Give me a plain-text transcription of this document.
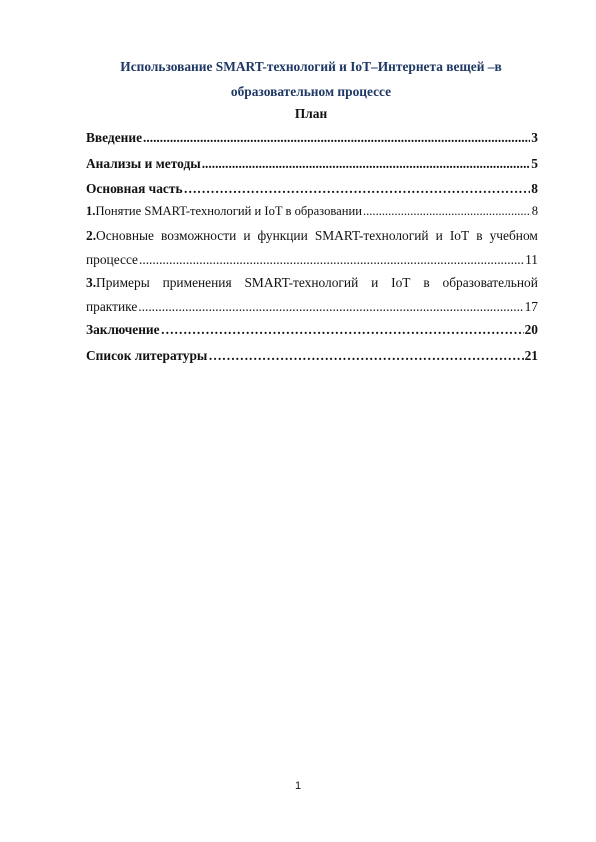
Использование SMART-технологий и IoT–Интернета вещей –в
образовательном процессе
План
Введение .....	3
Анализы и методы .....	5
Основная часть ……………………………………………………………………………………………………………………………………	8
1.Понятие SMART-технологий и IoT в образовании .....	8
2.Основные возможности и функции SMART-технологий и IoT в учебном
процессе .....	11
3.Примеры применения SMART-технологий и IoT в образовательной
практике .....	17
Заключение ……………………………………………………………………………………………………………………………………	20
Список литературы ……………………………………………………………………………………………………………………………………	21
1
